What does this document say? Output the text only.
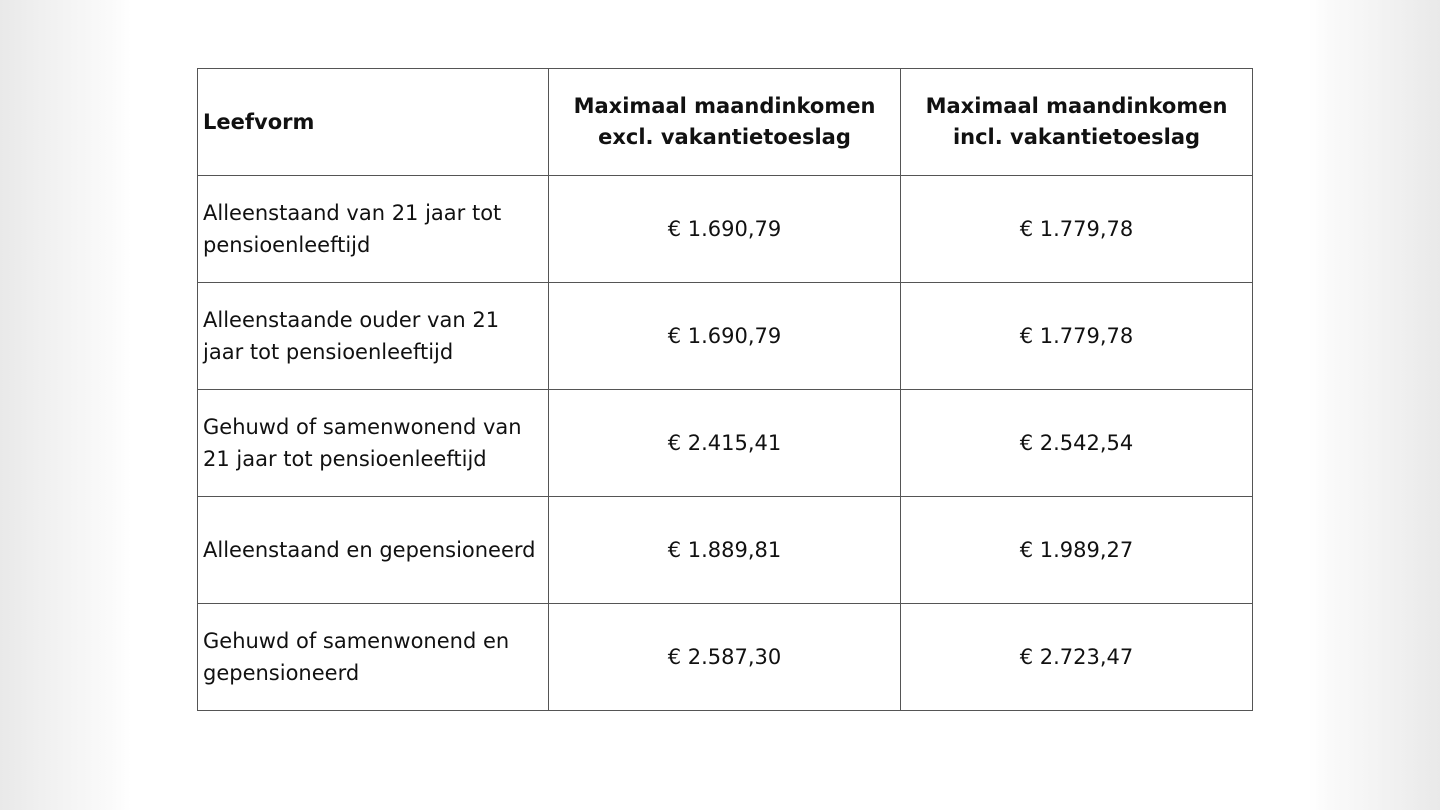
Leefvorm	Maximaal maandinkomen excl. vakantietoeslag	Maximaal maandinkomen incl. vakantietoeslag
Alleenstaand van 21 jaar tot pensioenleeftijd	€ 1.690,79	€ 1.779,78
Alleenstaande ouder van 21 jaar tot pensioenleeftijd	€ 1.690,79	€ 1.779,78
Gehuwd of samenwonend van 21 jaar tot pensioenleeftijd	€ 2.415,41	€ 2.542,54
Alleenstaand en gepensioneerd	€ 1.889,81	€ 1.989,27
Gehuwd of samenwonend en gepensioneerd	€ 2.587,30	€ 2.723,47
